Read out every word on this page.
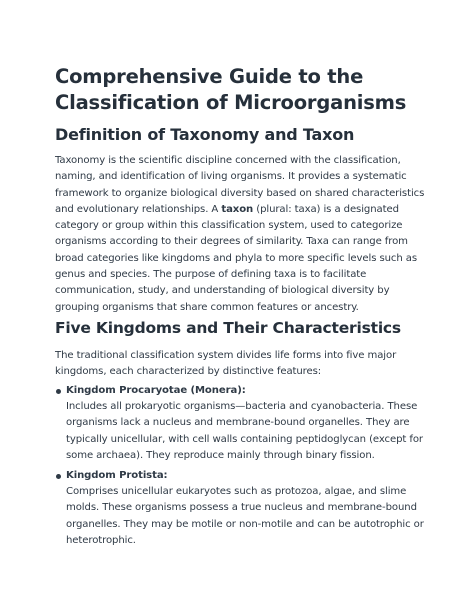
Comprehensive Guide to the Classification of Microorganisms
Definition of Taxonomy and Taxon

Taxonomy is the scientific discipline concerned with the classification, naming, and identification of living organisms. It provides a systematic framework to organize biological diversity based on shared characteristics and evolutionary relationships. A taxon (plural: taxa) is a designated category or group within this classification system, used to categorize organisms according to their degrees of similarity. Taxa can range from broad categories like kingdoms and phyla to more specific levels such as genus and species. The purpose of defining taxa is to facilitate communication, study, and understanding of biological diversity by grouping organisms that share common features or ancestry.

Five Kingdoms and Their Characteristics

The traditional classification system divides life forms into five major kingdoms, each characterized by distinctive features:

Kingdom Procaryotae (Monera):

Includes all prokaryotic organisms—bacteria and cyanobacteria. These organisms lack a nucleus and membrane-bound organelles. They are typically unicellular, with cell walls containing peptidoglycan (except for some archaea). They reproduce mainly through binary fission.

Kingdom Protista:

Comprises unicellular eukaryotes such as protozoa, algae, and slime molds. These organisms possess a true nucleus and membrane-bound organelles. They may be motile or non-motile and can be autotrophic or heterotrophic.
